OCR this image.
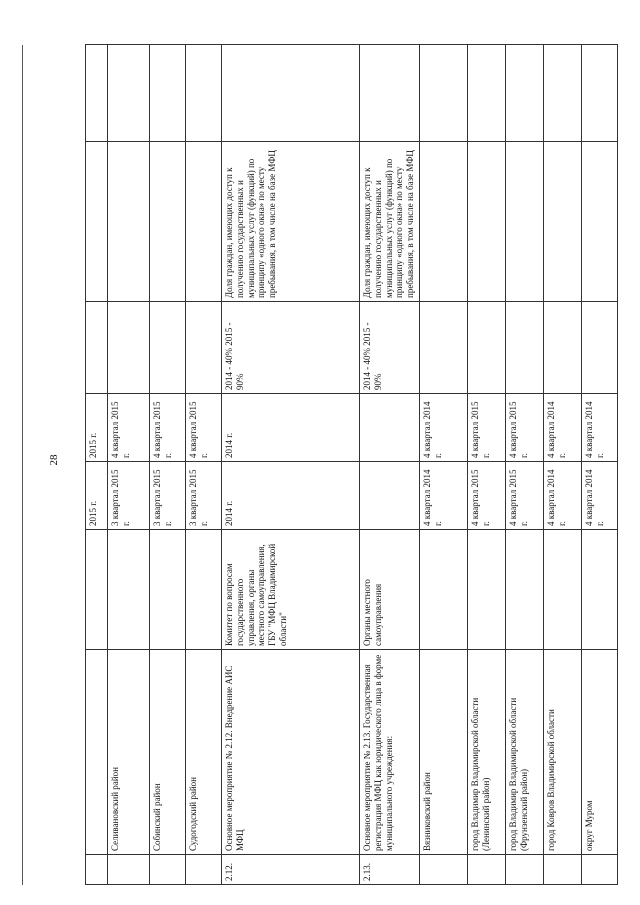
28
			2015 г.	2015 г.			
	Селивановский район		3 квартал 2015 г.	4 квартал 2015 г.			
	Собинский район		3 квартал 2015 г.	4 квартал 2015 г.			
	Судогодский район		3 квартал 2015 г.	4 квартал 2015 г.			
2.12.	Основное мероприятие № 2.12. Внедрение АИС МФЦ	Комитет по вопросам государственного управления, органы местного самоуправления, ГБУ "МФЦ Владимирской области"	2014 г.	2014 г.	2014 - 40% 2015 - 90%	Доля граждан, имеющих доступ к получению государственных и муниципальных услуг (функций) по принципу «одного окна» по месту пребывания, в том числе на базе МФЦ	
2.13.	Основное мероприятие № 2.13. Государственная регистрация МФЦ как юридического лица в форме муниципального учреждения:	Органы местного самоуправления			2014 - 40% 2015 - 90%	Доля граждан, имеющих доступ к получению государственных и муниципальных услуг (функций) по принципу «одного окна» по месту пребывания, в том числе на базе МФЦ	
	Вязниковский район		4 квартал 2014 г.	4 квартал 2014 г.			
	город Владимир Владимирской области (Ленинский район)		4 квартал 2015 г.	4 квартал 2015 г.			
	город Владимир Владимирской области (Фрунзенский район)		4 квартал 2015 г.	4 квартал 2015 г.			
	город Ковров Владимирской области		4 квартал 2014 г.	4 квартал 2014 г.			
	округ Муром		4 квартал 2014 г.	4 квартал 2014 г.			
